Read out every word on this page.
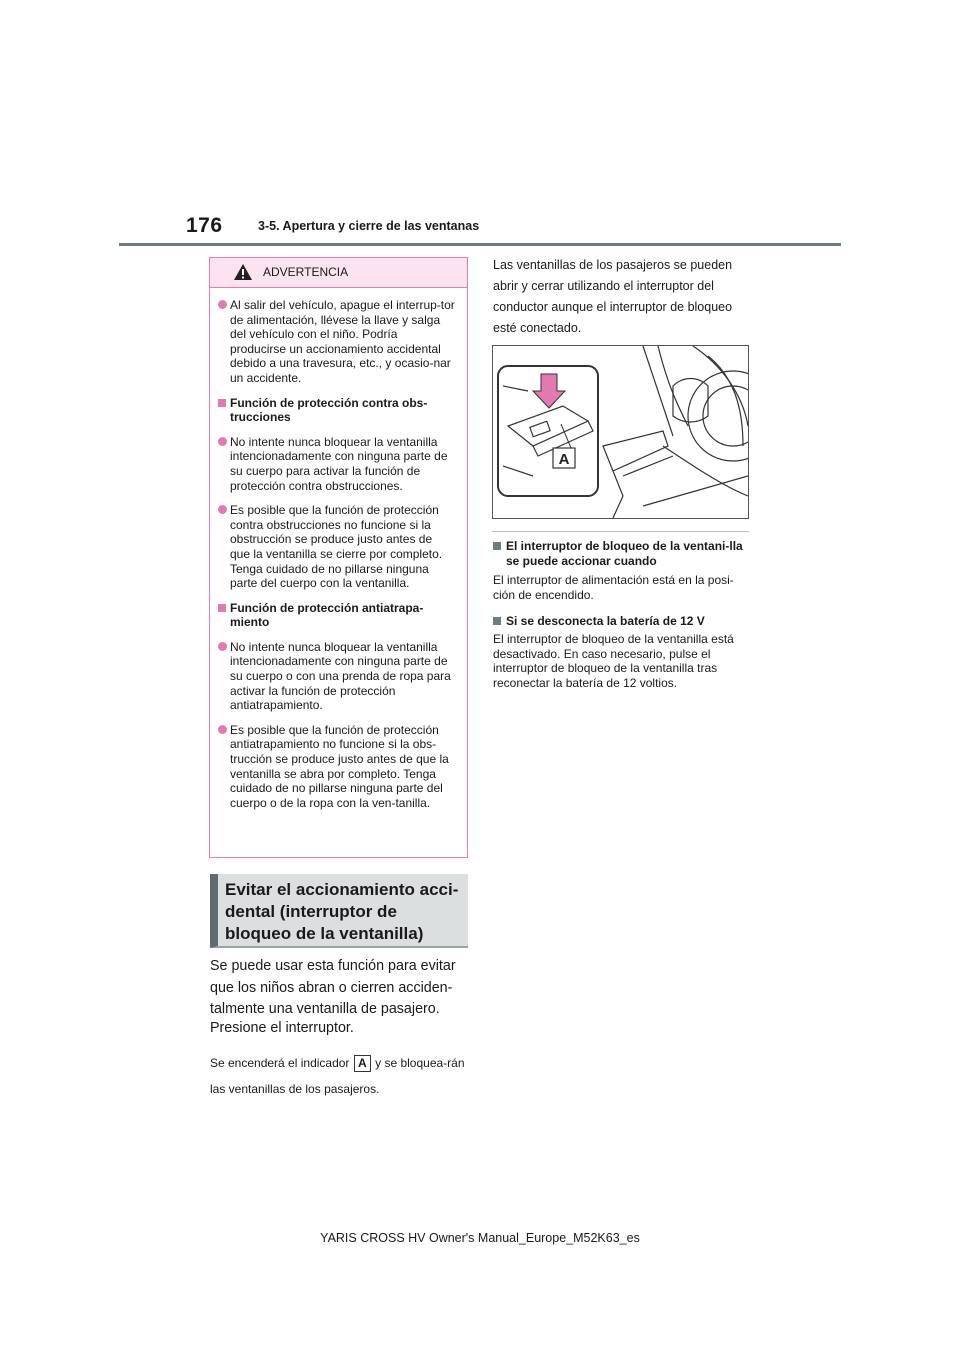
176	3-5. Apertura y cierre de las ventanas
ADVERTENCIA
Al salir del vehículo, apague el interrup-tor de alimentación, llévese la llave y salga del vehículo con el niño. Podría producirse un accionamiento accidental debido a una travesura, etc., y ocasio-nar un accidente.
Función de protección contra obs-trucciones
No intente nunca bloquear la ventanilla intencionadamente con ninguna parte de su cuerpo para activar la función de protección contra obstrucciones.
Es posible que la función de protección contra obstrucciones no funcione si la obstrucción se produce justo antes de que la ventanilla se cierre por completo. Tenga cuidado de no pillarse ninguna parte del cuerpo con la ventanilla.
Función de protección antiatrapa-miento
No intente nunca bloquear la ventanilla intencionadamente con ninguna parte de su cuerpo o con una prenda de ropa para activar la función de protección antiatrapamiento.
Es posible que la función de protección antiatrapamiento no funcione si la obs-trucción se produce justo antes de que la ventanilla se abra por completo. Tenga cuidado de no pillarse ninguna parte del cuerpo o de la ropa con la ven-tanilla.
Evitar el accionamiento acci-dental (interruptor de bloqueo de la ventanilla)
Se puede usar esta función para evitar que los niños abran o cierren acciden-talmente una ventanilla de pasajero.
Presione el interruptor.
Se encenderá el indicador A y se bloquea-rán las ventanillas de los pasajeros.
Las ventanillas de los pasajeros se pueden abrir y cerrar utilizando el interruptor del conductor aunque el interruptor de bloqueo esté conectado.
A
El interruptor de bloqueo de la ventani-lla se puede accionar cuando
El interruptor de alimentación está en la posi-ción de encendido.
Si se desconecta la batería de 12 V
El interruptor de bloqueo de la ventanilla está desactivado. En caso necesario, pulse el interruptor de bloqueo de la ventanilla tras reconectar la batería de 12 voltios.
YARIS CROSS HV Owner's Manual_Europe_M52K63_es
